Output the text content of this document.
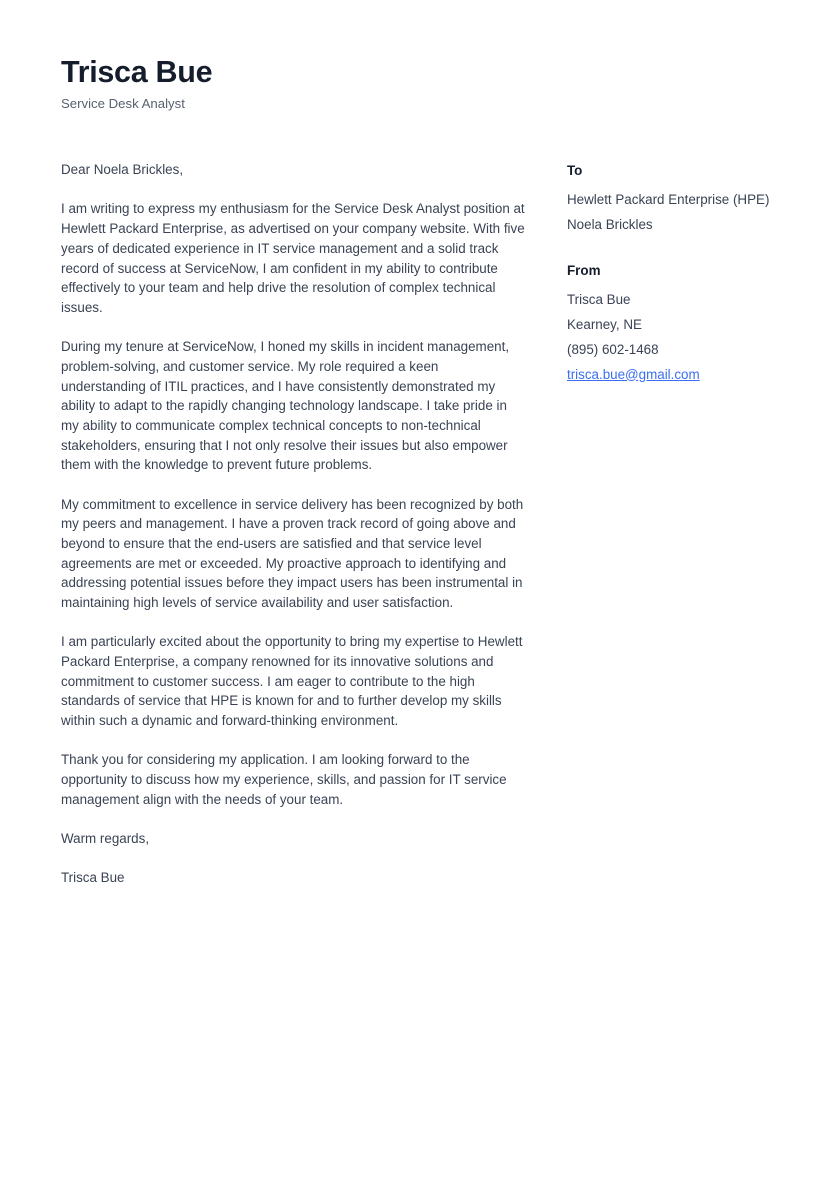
Trisca Bue

Service Desk Analyst

Dear Noela Brickles,

I am writing to express my enthusiasm for the Service Desk Analyst position at Hewlett Packard Enterprise, as advertised on your company website. With five years of dedicated experience in IT service management and a solid track record of success at ServiceNow, I am confident in my ability to contribute effectively to your team and help drive the resolution of complex technical issues.

During my tenure at ServiceNow, I honed my skills in incident management, problem-solving, and customer service. My role required a keen understanding of ITIL practices, and I have consistently demonstrated my ability to adapt to the rapidly changing technology landscape. I take pride in my ability to communicate complex technical concepts to non-technical stakeholders, ensuring that I not only resolve their issues but also empower them with the knowledge to prevent future problems.

My commitment to excellence in service delivery has been recognized by both my peers and management. I have a proven track record of going above and beyond to ensure that the end-users are satisfied and that service level agreements are met or exceeded. My proactive approach to identifying and addressing potential issues before they impact users has been instrumental in maintaining high levels of service availability and user satisfaction.

I am particularly excited about the opportunity to bring my expertise to Hewlett Packard Enterprise, a company renowned for its innovative solutions and commitment to customer success. I am eager to contribute to the high standards of service that HPE is known for and to further develop my skills within such a dynamic and forward-thinking environment.

Thank you for considering my application. I am looking forward to the opportunity to discuss how my experience, skills, and passion for IT service management align with the needs of your team.

Warm regards,

Trisca Bue

To

Hewlett Packard Enterprise (HPE)

Noela Brickles

From

Trisca Bue

Kearney, NE

(895) 602-1468

trisca.bue@gmail.com
